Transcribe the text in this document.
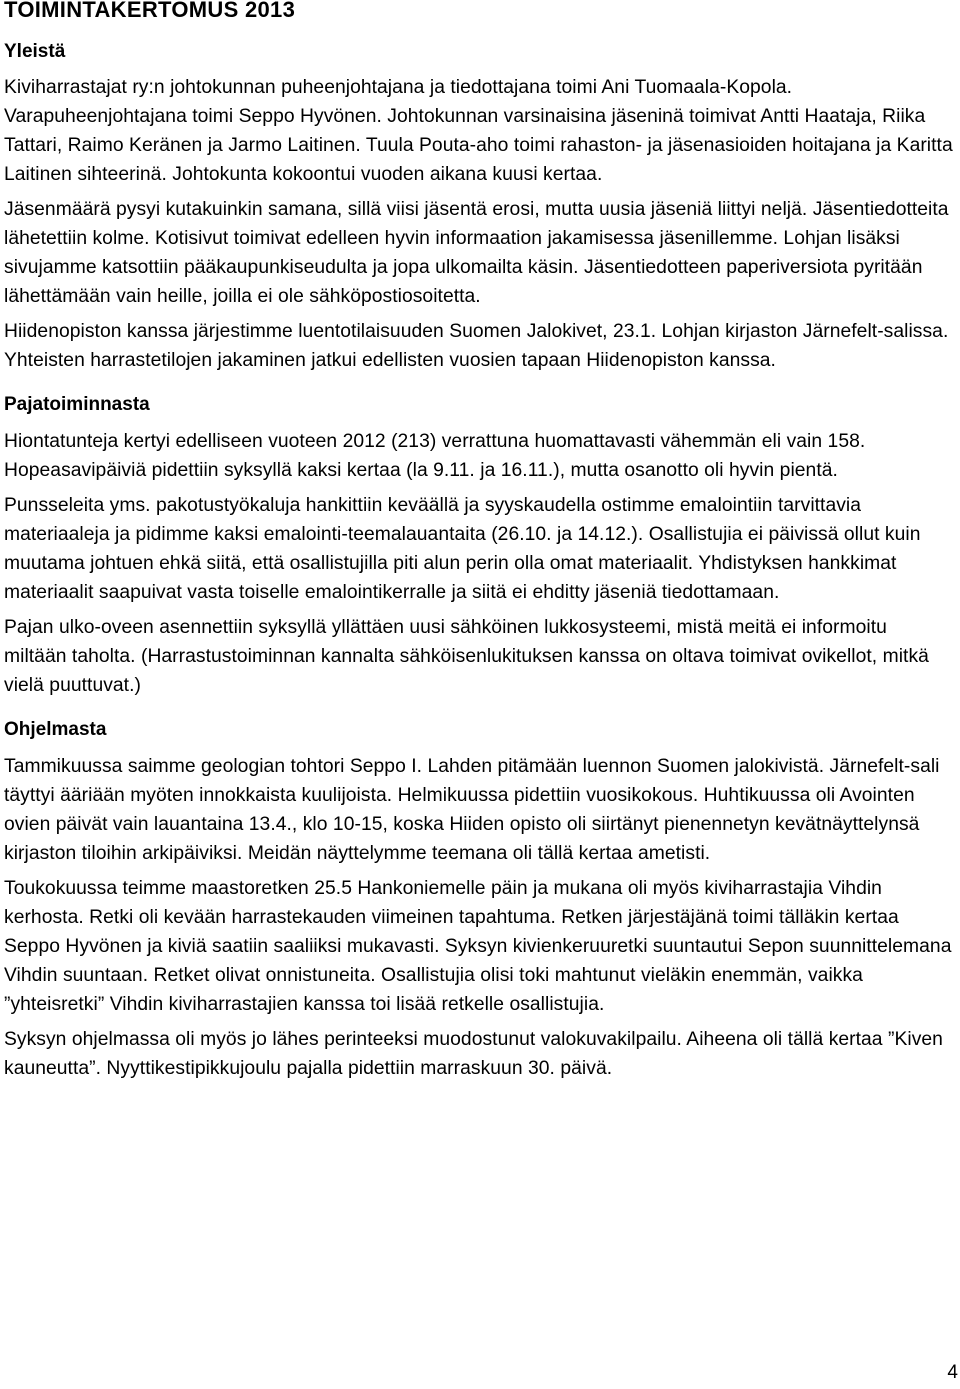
TOIMINTAKERTOMUS 2013
Yleistä

Kiviharrastajat ry:n johtokunnan puheenjohtajana ja tiedottajana toimi Ani Tuomaala-Kopola. Varapuheenjohtajana toimi Seppo Hyvönen. Johtokunnan varsinaisina jäseninä toimivat Antti Haataja, Riika Tattari, Raimo Keränen ja Jarmo Laitinen. Tuula Pouta-aho toimi rahaston- ja jäsenasioiden hoitajana ja Karitta Laitinen sihteerinä. Johtokunta kokoontui vuoden aikana kuusi kertaa.

Jäsenmäärä pysyi kutakuinkin samana, sillä viisi jäsentä erosi, mutta uusia jäseniä liittyi neljä. Jäsentiedotteita lähetettiin kolme. Kotisivut toimivat edelleen hyvin informaation jakamisessa jäsenillemme. Lohjan lisäksi sivujamme katsottiin pääkaupunkiseudulta ja jopa ulkomailta käsin. Jäsentiedotteen paperiversiota pyritään lähettämään vain heille, joilla ei ole sähköpostiosoitetta.

Hiidenopiston kanssa järjestimme luentotilaisuuden Suomen Jalokivet, 23.1. Lohjan kirjaston Järnefelt-salissa. Yhteisten harrastetilojen jakaminen jatkui edellisten vuosien tapaan Hiidenopiston kanssa.

Pajatoiminnasta

Hiontatunteja kertyi edelliseen vuoteen 2012 (213) verrattuna huomattavasti vähemmän eli vain 158. Hopeasavipäiviä pidettiin syksyllä kaksi kertaa (la 9.11. ja 16.11.), mutta osanotto oli hyvin pientä.

Punsseleita yms. pakotustyökaluja hankittiin keväällä ja syyskaudella ostimme emalointiin tarvittavia materiaaleja ja pidimme kaksi emalointi-teemalauantaita (26.10. ja 14.12.). Osallistujia ei päivissä ollut kuin muutama johtuen ehkä siitä, että osallistujilla piti alun perin olla omat materiaalit. Yhdistyksen hankkimat materiaalit saapuivat vasta toiselle emalointikerralle ja siitä ei ehditty jäseniä tiedottamaan.

Pajan ulko-oveen asennettiin syksyllä yllättäen uusi sähköinen lukkosysteemi, mistä meitä ei informoitu miltään taholta. (Harrastustoiminnan kannalta sähköisenlukituksen kanssa on oltava toimivat ovikellot, mitkä vielä puuttuvat.)

Ohjelmasta

Tammikuussa saimme geologian tohtori Seppo I. Lahden pitämään luennon Suomen jalokivistä. Järnefelt-sali täyttyi ääriään myöten innokkaista kuulijoista. Helmikuussa pidettiin vuosikokous. Huhtikuussa oli Avointen ovien päivät vain lauantaina 13.4., klo 10-15, koska Hiiden opisto oli siirtänyt pienennetyn kevätnäyttelynsä kirjaston tiloihin arkipäiviksi. Meidän näyttelymme teemana oli tällä kertaa ametisti.

Toukokuussa teimme maastoretken 25.5 Hankoniemelle päin ja mukana oli myös kiviharrastajia Vihdin kerhosta. Retki oli kevään harrastekauden viimeinen tapahtuma. Retken järjestäjänä toimi tälläkin kertaa Seppo Hyvönen ja kiviä saatiin saaliiksi mukavasti. Syksyn kivienkeruuretki suuntautui Sepon suunnittelemana Vihdin suuntaan. Retket olivat onnistuneita. Osallistujia olisi toki mahtunut vieläkin enemmän, vaikka ”yhteisretki” Vihdin kiviharrastajien kanssa toi lisää retkelle osallistujia.

Syksyn ohjelmassa oli myös jo lähes perinteeksi muodostunut valokuvakilpailu. Aiheena oli tällä kertaa ”Kiven kauneutta”. Nyyttikestipikkujoulu pajalla pidettiin marraskuun 30. päivä.

4
